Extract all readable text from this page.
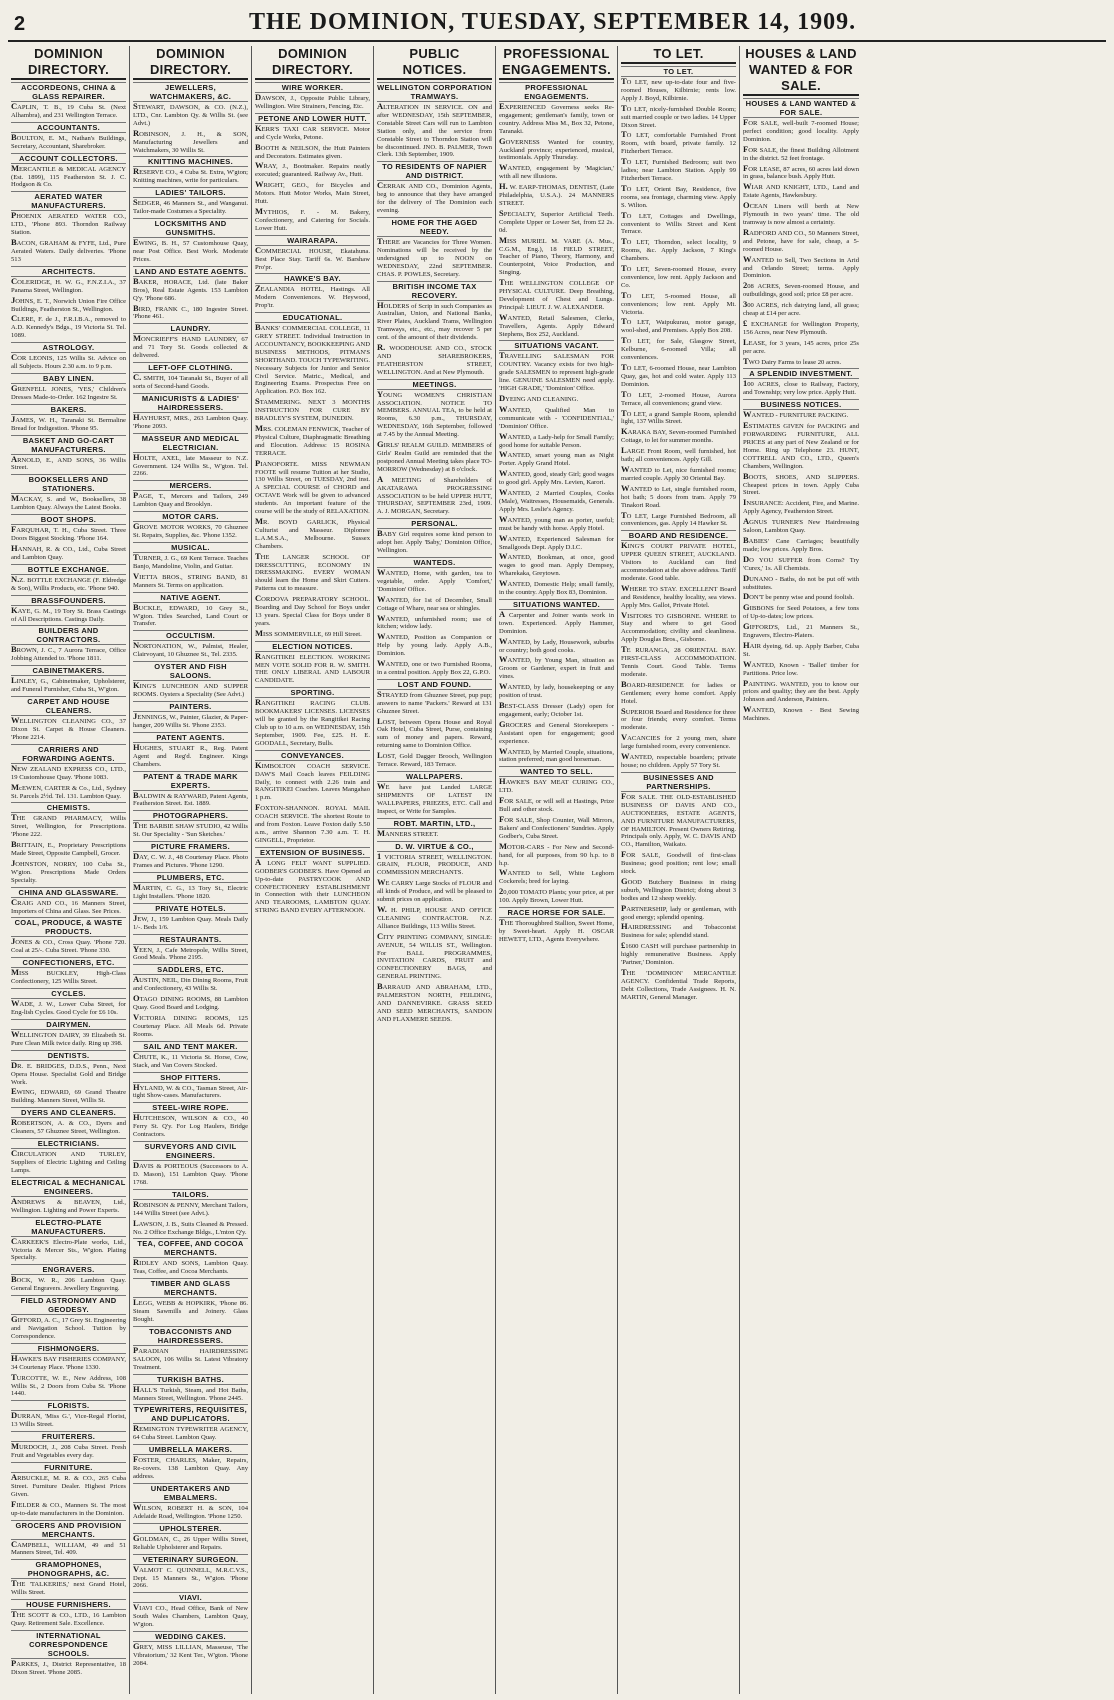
2	THE DOMINION, TUESDAY, SEPTEMBER 14, 1909.
DOMINION DIRECTORY.
ACCORDEONS, CHINA & GLASS REPAIRER.

CAPLIN, T. B., 19 Cuba St. (Next Alhambra), and 231 Wellington Terrace.

ACCOUNTANTS.

BOULTON, E. M., Nathan's Buildings, Secretary, Accountant, Sharebroker.

ACCOUNT COLLECTORS.

MERCANTILE & MEDICAL AGENCY (Est. 1899), 115 Featherston St. J. C. Hodgson & Co.

AERATED WATER MANUFACTURERS.

PHOENIX AERATED WATER CO., LTD., 'Phone 893. Thorndon Railway Station.

BACON, GRAHAM & FYFE, Ltd., Pure Aerated Waters. Daily deliveries. 'Phone 513

ARCHITECTS.

COLERIDGE, H. W. G., F.N.Z.I.A., 37 Panama Street, Wellington.

JOHNS, E. T., Norwich Union Fire Office Buildings, Featherston St., Wellington.

CLERE, F. de J., F.R.I.B.A., removed to A.D. Kennedy's Bdgs., 19 Victoria St. Tel. 1089.

ASTROLOGY.

COR LEONIS, 125 Willis St. Advice on all Subjects. Hours 2.30 a.m. to 9 p.m.

BABY LINEN.

GRENFELL JONES, 'YES,' Children's Dresses Made-to-Order. 162 Ingestre St.

BAKERS.

JAMES, W. H., Taranaki St. Bermaline Bread for Indigestion. 'Phone 95.

BASKET AND GO-CART MANUFACTURERS.

ARNOLD, E., AND SONS, 36 Willis Street.

BOOKSELLERS AND STATIONERS.

MACKAY, S. and W., Booksellers, 38 Lambton Quay. Always the Latest Books.

BOOT SHOPS.

FARQUHAR, T. H., Cuba Street. Three Doors Biggest Stocking. 'Phone 164.

HANNAH, R. & CO., Ltd., Cuba Street and Lambton Quay.

BOTTLE EXCHANGE.

N.Z. BOTTLE EXCHANGE (F. Eldredge & Son), Willis Products, etc. 'Phone 940.

BRASSFOUNDERS.

KAYE, G. M., 19 Tory St. Brass Castings of All Descriptions. Castings Daily.

BUILDERS AND CONTRACTORS.

BROWN, J. C., 7 Aurora Terrace, Office Jobbing Attended to. 'Phone 1811.

CABINETMAKERS.

LINLEY, G., Cabinetmaker, Upholsterer, and Funeral Furnisher, Cuba St., W'gton.

CARPET AND HOUSE CLEANERS.

WELLINGTON CLEANING CO., 37 Dixon St. Carpet & House Cleaners. 'Phone 2214.

CARRIERS AND FORWARDING AGENTS.

NEW ZEALAND EXPRESS CO., LTD., 19 Customhouse Quay. 'Phone 1083.

McEWEN, CARTER & Co., Ltd., Sydney St. Parcels 2½d. Tel. 131. Lambton Quay.

CHEMISTS.

THE GRAND PHARMACY, Willis Street, Wellington, for Prescriptions. 'Phone 222.

BRITTAIN, E., Proprietary Prescriptions Made Street, Opposite Campbell, Grocer.

JOHNSTON, NORRY, 100 Cuba St., W'gton. Prescriptions Made Orders Specialty.

CHINA AND GLASSWARE.

CRAIG AND CO., 16 Manners Street, Importers of China and Glass. See Prices.

COAL, PRODUCE, & WASTE PRODUCTS.

JONES & CO., Cross Quay. 'Phone 720. Coal at 25/-. Cuba Street. 'Phone 330.

CONFECTIONERS, ETC.

MISS BUCKLEY, High-Class Confectionery, 125 Willis Street.

CYCLES.

WADE, J. W., Lower Cuba Street, for Eng-lish Cycles. Good Cycle for £6 10s.

DAIRYMEN.

WELLINGTON DAIRY, 39 Elizabeth St. Pure Clean Milk twice daily. Ring up 398.

DENTISTS.

DR. E. BRIDGES, D.D.S., Penn., Next Opera House. Specialist Gold and Bridge Work.

EWING, EDWARD, 69 Grand Theatre Building. Manners Street, Willis St.

DYERS AND CLEANERS.

ROBERTSON, A. & CO., Dyers and Cleaners, 57 Ghuznee Street, Wellington.

ELECTRICIANS.

CIRCULATION AND TURLEY, Suppliers of Electric Lighting and Ceiling Lamps.

ELECTRICAL & MECHANICAL ENGINEERS.

ANDREWS & BEAVEN, Ltd., Wellington. Lighting and Power Experts.

ELECTRO-PLATE MANUFACTURERS.

CARKEEK'S Electro-Plate works, Ltd., Victoria & Mercer Sts., W'gton. Plating Specialty.

ENGRAVERS.

BOCK, W. R., 206 Lambton Quay. General Engravers. Jewellery Engraving.

FIELD ASTRONOMY AND GEODESY.

GIFFORD, A. C., 17 Grey St. Engineering and Navigation School. Tuition by Correspondence.

FISHMONGERS.

HAWKE'S BAY FISHERIES COMPANY, 34 Courtenay Place. 'Phone 1330.

TURCOTTE, W. E., New Address, 108 Willis St., 2 Doors from Cuba St. 'Phone 1440.

FLORISTS.

DURRAN, 'Miss G.', Vice-Regal Florist, 13 Willis Street.

FRUITERERS.

MURDOCH, J., 208 Cuba Street. Fresh Fruit and Vegetables every day.

FURNITURE.

ARBUCKLE, M. R. & CO., 265 Cuba Street. Furniture Dealer. Highest Prices Given.

FIELDER & CO., Manners St. The most up-to-date manufacturers in the Dominion.

GROCERS AND PROVISION MERCHANTS.

CAMPBELL, WILLIAM, 49 and 51 Manners Street, Tel. 409.

GRAMOPHONES, PHONOGRAPHS, &C.

THE 'TALKERIES,' next Grand Hotel, Willis Street.

HOUSE FURNISHERS.

THE SCOTT & CO., LTD., 16 Lambton Quay. Retirement Sale. Excellence.

INTERNATIONAL CORRESPONDENCE SCHOOLS.

PARKES, J., District Representative, 18 Dixon Street. 'Phone 2085.

DOMINION DIRECTORY.
JEWELLERS, WATCHMAKERS, &C.

STEWART, DAWSON, & CO. (N.Z.), LTD., Cnr. Lambton Qy. & Willis St. (see Advt.)

ROBINSON, J. H., & SON, Manufacturing Jewellers and Watchmakers, 30 Willis St.

KNITTING MACHINES.

RESERVE CO., 4 Cuba St. Extra, W'gton; Knitting machines, write for particulars.

LADIES' TAILORS.

SEDGER, 46 Manners St., and Wanganui. Tailor-made Costumes a Speciality.

LOCKSMITHS AND GUNSMITHS.

EWING, B. H., 57 Customhouse Quay, near Post Office. Best Work. Moderate Prices.

LAND AND ESTATE AGENTS.

BAKER, HORACE, Ltd. (late Baker Bros), Real Estate Agents. 153 Lambton Q'y. 'Phone 686.

BIRD, FRANK C., 180 Ingestre Street. 'Phone 461.

LAUNDRY.

MONCRIEFF'S HAND LAUNDRY, 67 and 71 Tory St. Goods collected & delivered.

LEFT-OFF CLOTHING.

C. SMITH, 104 Taranaki St., Buyer of all sorts of Second-hand Goods.

MANICURISTS & LADIES' HAIRDRESSERS.

HAYHURST, MRS., 263 Lambton Quay. 'Phone 2093.

MASSEUR AND MEDICAL ELECTRICIAN.

HOLTE, AXEL, late Masseur to N.Z. Government. 124 Willis St., W'gton. Tel. 2266.

MERCERS.

PAGE, T., Mercers and Tailors, 249 Lambton Quay and Brooklyn.

MOTOR CARS.

GROVE MOTOR WORKS, 70 Ghuznee St. Repairs, Supplies, &c. 'Phone 1352.

MUSICAL.

TURNER, J. G., 69 Kent Terrace. Teaches Banjo, Mandoline, Violin, and Guitar.

VIETTA BROS., STRING BAND, 81 Manners St. Terms on application.

NATIVE AGENT.

BUCKLE, EDWARD, 10 Grey St., W'gton. Titles Searched, Land Court or Transfer.

OCCULTISM.

NORTONATION, W., Palmist, Healer, Clairvoyant, 10 Ghuznee St., Tel. 2335.

OYSTER AND FISH SALOONS.

KING'S LUNCHEON AND SUPPER ROOMS. Oysters a Speciality (See Advt.)

PAINTERS.

JENNINGS, W., Painter, Glazier, & Paper-hanger, 209 Willis St. 'Phone 2353.

PATENT AGENTS.

HUGHES, STUART R., Reg. Patent Agent and Reg'd. Engineer. Kings Chambers.

PATENT & TRADE MARK EXPERTS.

BALDWIN & RAYWARD, Patent Agents, Featherston Street. Est. 1889.

PHOTOGRAPHERS.

THE BARBIE SHAW STUDIO, 42 Willis St. Our Speciality - 'Sun Sketches.'

PICTURE FRAMERS.

DAY, C. W. J., 48 Courtenay Place. Photo Frames and Pictures. 'Phone 1290.

PLUMBERS, ETC.

MARTIN, C. G., 13 Tory St., Electric Light Installers. 'Phone 1820.

PRIVATE HOTELS.

JEW, J., 159 Lambton Quay. Meals Daily 1/-. Beds 1/6.

RESTAURANTS.

YEEN, J., Cafe Metropole, Willis Street, Good Meals. 'Phone 2195.

SADDLERS, ETC.

AUSTIN, NEIL, Din Dining Rooms, Fruit and Confectionery, 43 Willis St.

OTAGO DINING ROOMS, 88 Lambton Quay. Good Board and Lodging.

VICTORIA DINING ROOMS, 125 Courtenay Place. All Meals 6d. Private Rooms.

SAIL AND TENT MAKER.

CHUTE, K., 11 Victoria St. Horse, Cow, Stack, and Van Covers Stocked.

SHOP FITTERS.

HYLAND, W. & CO., Tasman Street, Air-tight Show-cases. Manufacturers.

STEEL-WIRE ROPE.

HUTCHESON, WILSON & CO., 40 Ferry St. Q'y. For Log Haulers, Bridge Contractors.

SURVEYORS AND CIVIL ENGINEERS.

DAVIS & PORTEOUS (Successors to A. D. Mason), 151 Lambton Quay. 'Phone 1768.

TAILORS.

ROBINSON & PENNY, Merchant Tailors, 144 Willis Street (see Advt.).

LAWSON, J. B., Suits Cleaned & Pressed. No. 2 Office Exchange Bldgs., L'mton Q'y.

TEA, COFFEE, AND COCOA MERCHANTS.

RIDLEY AND SONS, Lambton Quay. Teas, Coffee, and Cocoa Merchants.

TIMBER AND GLASS MERCHANTS.

LEGG, WEBB & HOPKIRK, 'Phone 86. Steam Sawmills and Joinery. Glass Bought.

TOBACCONISTS AND HAIRDRESSERS.

PARADIAN HAIRDRESSING SALOON, 106 Willis St. Latest Vibratory Treatment.

TURKISH BATHS.

HALL'S Turkish, Steam, and Hot Baths, Manners Street, Wellington. 'Phone 2445.

TYPEWRITERS, REQUISITES, AND DUPLICATORS.

REMINGTON TYPEWRITER AGENCY, 64 Cuba Street. Lambton Quay.

UMBRELLA MAKERS.

FOSTER, CHARLES, Maker, Repairs, Re-covers. 138 Lambton Quay. Any address.

UNDERTAKERS AND EMBALMERS.

WILSON, ROBERT H. & SON, 104 Adelaide Road, Wellington. 'Phone 1250.

UPHOLSTERER.

GOLDMAN, C., 26 Upper Willis Street, Reliable Upholsterer and Repairs.

VETERINARY SURGEON.

VALMOT C. QUINNELL, M.R.C.V.S., Dept. 15 Manners St., W'gton. 'Phone 2066.

VIAVI.

VIAVI CO., Head Office, Bank of New South Wales Chambers, Lambton Quay, W'gton.

WEDDING CAKES.

GREY, MISS LILLIAN, Masseuse, 'The Vibratorium,' 32 Kent Ter., W'gton. 'Phone 2084.

DOMINION DIRECTORY.
WIRE WORKER.

DAWSON, J., Opposite Public Library, Wellington. Wire Strainers, Fencing, Etc.

PETONE AND LOWER HUTT.

KERR'S TAXI CAR SERVICE. Motor and Cycle Works, Petone.

BOOTH & NEILSON, the Hutt Painters and Decorators. Estimates given.

WRAY, J., Bootmaker. Repairs neatly executed; guaranteed. Railway Av., Hutt.

WRIGHT, GEO., for Bicycles and Motors. Hutt Motor Works, Main Street, Hutt.

MYTHIOS, F. - M. Bakery, Confectionery, and Catering for Socials. Lower Hutt.

WAIRARAPA.

COMMERCIAL HOUSE, Ekatahuna. Best Place Stay. Tariff 6s. W. Barshaw Pro'pr.

HAWKE'S BAY.

ZEALANDIA HOTEL, Hastings. All Modern Conveniences. W. Heywood, Prop'tr.

EDUCATIONAL.

BANKS' COMMERCIAL COLLEGE, 11 GREY STREET. Individual Instruction in ACCOUNTANCY, BOOKKEEPING AND BUSINESS METHODS, PITMAN'S SHORTHAND. TOUCH TYPEWRITING. Necessary Subjects for Junior and Senior Civil Service. Matric., Medical, and Engineering Exams. Prospectus Free on Application. P.O. Box 162.

STAMMERING. NEXT 3 MONTHS INSTRUCTION FOR CURE BY BRADLEY'S SYSTEM, DUNEDIN.

MRS. COLEMAN FENWICK, Teacher of Physical Culture, Diaphragmatic Breathing and Elocution. Address: 15 ROSINA TERRACE.

PIANOFORTE. MISS NEWMAN FOOTE will resume Tuition at her Studio, 130 Willis Street, on TUESDAY, 2nd inst. A SPECIAL COURSE of CHORD and OCTAVE Work will be given to advanced students. An important feature of the course will be the study of RELAXATION.

MR. BOYD GARLICK, Physical Culturist and Masseur. Diplomee L.A.M.S.A., Melbourne. Sussex Chambers.

THE LANGER SCHOOL OF DRESSCUTTING, ECONOMY IN DRESSMAKING. EVERY WOMAN should learn the Home and Skirt Cutters. Patterns cut to measure.

CORDOVA PREPARATORY SCHOOL. Boarding and Day School for Boys under 13 years. Special Class for Boys under 8 years.

MISS SOMMERVILLE, 69 Hill Street.

ELECTION NOTICES.

RANGITIKEI ELECTION. WORKING MEN VOTE SOLID FOR R. W. SMITH. THE ONLY LIBERAL AND LABOUR CANDIDATE.

SPORTING.

RANGITIKEI RACING CLUB. BOOKMAKERS' LICENSES. LICENSES will be granted by the Rangitikei Racing Club up to 10 a.m. on WEDNESDAY, 15th September, 1909. Fee, £25. H. E. GOODALL, Secretary, Bulls.

CONVEYANCES.

KIMBOLTON COACH SERVICE. DAW'S Mail Coach leaves FEILDING Daily, to connect with 2.26 train and RANGITIKEI Coaches. Leaves Mangahao 1 p.m.

FOXTON-SHANNON. ROYAL MAIL COACH SERVICE. The shortest Route to and from Foxton. Leave Foxton daily 5.50 a.m., arrive Shannon 7.30 a.m. T. H. GINGELL, Proprietor.

EXTENSION OF BUSINESS.

A LONG FELT WANT SUPPLIED. GODBER'S GODBER'S. Have Opened an Up-to-date PASTRYCOOK AND CONFECTIONERY ESTABLISHMENT in Connection with their LUNCHEON AND TEAROOMS, LAMBTON QUAY. STRING BAND EVERY AFTERNOON.

PUBLIC NOTICES.
WELLINGTON CORPORATION TRAMWAYS.

ALTERATION IN SERVICE. ON and after WEDNESDAY, 15th SEPTEMBER, Constable Street Cars will run to Lambton Station only, and the service from Constable Street to Thorndon Station will be discontinued. JNO. B. PALMER, Town Clerk. 13th September, 1909.

TO RESIDENTS OF NAPIER AND DISTRICT.

CERRAK AND CO., Dominion Agents, beg to announce that they have arranged for the delivery of The Dominion each evening.

HOME FOR THE AGED NEEDY.

THERE are Vacancies for Three Women. Nominations will be received by the undersigned up to NOON on WEDNESDAY, 22nd SEPTEMBER. CHAS. P. POWLES, Secretary.

BRITISH INCOME TAX RECOVERY.

HOLDERS of Scrip in such Companies as Australian, Union, and National Banks, River Plates, Auckland Trams, Wellington Tramways, etc., etc., may recover 5 per cent. of the amount of their dividends.

R. WOODHOUSE AND CO., STOCK AND SHAREBROKERS, FEATHERSTON STREET, WELLINGTON. And at New Plymouth.

MEETINGS.

YOUNG WOMEN'S CHRISTIAN ASSOCIATION. NOTICE TO MEMBERS. ANNUAL TEA, to be held at Rooms, 6.30 p.m., THURSDAY, WEDNESDAY, 16th September, followed at 7.45 by the Annual Meeting.

GIRLS' REALM GUILD. MEMBERS of Girls' Realm Guild are reminded that the postponed Annual Meeting takes place TO-MORROW (Wednesday) at 8 o'clock.

A MEETING of Shareholders of AKATARAWA PROGRESSING ASSOCIATION to be held UPPER HUTT, THURSDAY, SEPTEMBER 23rd, 1909. A. J. MORGAN, Secretary.

PERSONAL.

BABY Girl requires some kind person to adopt her. Apply 'Baby,' Dominion Office, Wellington.

WANTEDS.

WANTED, Home, with garden, tea to vegetable, order. Apply 'Comfort,' 'Dominion' Office.

WANTED, for 1st of December, Small Cottage of Whare, near sea or shingles.

WANTED, unfurnished room; use of kitchen; widow lady.

WANTED, Position as Companion or Help by young lady. Apply A.B., Dominion.

WANTED, one or two Furnished Rooms, in a central position. Apply Box 22, G.P.O.

LOST AND FOUND.

STRAYED from Ghuznee Street, pup pup; answers to name 'Packers.' Reward at 131 Ghuznee Street.

LOST, between Opera House and Royal Oak Hotel, Cuba Street, Purse, containing sum of money and papers. Reward, returning same to Dominion Office.

LOST, Gold Dagger Brooch, Wellington Terrace. Reward, 183 Terrace.

WALLPAPERS.

WE have just Landed LARGE SHIPMENTS OF LATEST IN WALLPAPERS, FRIEZES, ETC. Call and Inspect, or Write for Samples.

ROBT. MARTIN, LTD.,

MANNERS STREET.

D. W. VIRTUE & CO.,

1 VICTORIA STREET, WELLINGTON. GRAIN, FLOUR, PRODUCE, AND COMMISSION MERCHANTS.

WE CARRY Large Stocks of FLOUR and all kinds of Produce, and will be pleased to submit prices on application.

W. H. PHILP, HOUSE AND OFFICE CLEANING CONTRACTOR. N.Z. Alliance Buildings, 113 Willis Street.

CITY PRINTING COMPANY, SINGLE: AVENUE, 54 WILLIS ST., Wellington. For BALL PROGRAMMES, INVITATION CARDS, FRUIT and CONFECTIONERY BAGS, and GENERAL PRINTING.

BARRAUD AND ABRAHAM, LTD., PALMERSTON NORTH, FEILDING, AND DANNEVIRKE. GRASS SEED AND SEED MERCHANTS, SANDON AND FLAXMERE SEEDS.

PROFESSIONAL ENGAGEMENTS.
PROFESSIONAL ENGAGEMENTS.

EXPERIENCED Governess seeks Re-engagement; gentleman's family, town or country. Address Miss M., Box 32, Petone, Taranaki.

GOVERNESS Wanted for country, Auckland province; experienced, musical, testimonials. Apply Thursday.

WANTED, engagement by 'Magician,' with all new illusions.

H. W. EARP-THOMAS, DENTIST, (Late Philadelphia, U.S.A.). 24 MANNERS STREET.

SPECIALTY, Superior Artificial Teeth. Complete Upper or Lower Set, from £2 2s. 0d.

MISS MURIEL M. VARE (A. Mus., C.G.M., Eng.), 18 FIELD STREET, Teacher of Piano, Theory, Harmony, and Counterpoint, Voice Production, and Singing.

THE WELLINGTON COLLEGE OF PHYSICAL CULTURE. Deep Breathing, Development of Chest and Lungs. Principal: LIEUT. J. W. ALEXANDER.

WANTED, Retail Salesmen, Clerks, Travellers, Agents. Apply Edward Stephens, Box 252, Auckland.

SITUATIONS VACANT.

TRAVELLING SALESMAN FOR COUNTRY. Vacancy exists for two high-grade SALESMEN to represent high-grade line. GENUINE SALESMEN need apply. 'HIGH GRADE,' 'Dominion' Office.

DYEING AND CLEANING.

WANTED, Qualified Man to communicate with - 'CONFIDENTIAL,' 'Dominion' Office.

WANTED, a Lady-help for Small Family; good home for suitable Person.

WANTED, smart young man as Night Porter. Apply Grand Hotel.

WANTED, good, steady Girl; good wages to good girl. Apply Mrs. Levien, Karori.

WANTED, 2 Married Couples, Cooks (Male), Waitresses, Housemaids, Generals. Apply Mrs. Leslie's Agency.

WANTED, young man as porter, useful; must be handy with horse. Apply Hotel.

WANTED, Experienced Salesman for Smallgoods Dept. Apply D.I.C.

WANTED, Bookman, at once, good wages to good man. Apply Dempsey, Wharekaka, Greytown.

WANTED, Domestic Help; small family, in the country. Apply Box 83, Dominion.

SITUATIONS WANTED.

A Carpenter and Joiner wants work in town. Experienced. Apply Hammer, Dominion.

WANTED, by Lady, Housework, suburbs or country; both good cooks.

WANTED, by Young Man, situation as Groom or Gardener, expert in fruit and vines.

WANTED, by lady, housekeeping or any position of trust.

BEST-CLASS Dresser (Lady) open for engagement, early; October 1st.

GROCERS and General Storekeepers - Assistant open for engagement; good experience.

WANTED, by Married Couple, situations, station preferred; man good horseman.

WANTED TO SELL.

HAWKE'S BAY MEAT CURING CO., LTD.

FOR SALE, or will sell at Hastings, Prize Bull and other stock.

FOR SALE, Shop Counter, Wall Mirrors, Bakers' and Confectioners' Sundries. Apply Godber's, Cuba Street.

MOTOR-CARS - For New and Second-hand, for all purposes, from 90 h.p. to 8 h.p.

WANTED to Sell, White Leghorn Cockerels; bred for laying.

20,000 TOMATO Plants; your price, at per 100. Apply Brown, Lower Hutt.

RACE HORSE FOR SALE.

THE Thoroughbred Stallion, Sweet Home, by Sweet-heart. Apply H. OSCAR HEWETT, LTD., Agents Everywhere.

TO LET.
TO LET.

TO LET, new up-to-date four and five-roomed Houses, Kilbirnie; rents low. Apply J. Boyd, Kilbirnie.

TO LET, nicely-furnished Double Room; suit married couple or two ladies. 14 Upper Dixon Street.

TO LET, comfortable Furnished Front Room, with board, private family. 12 Fitzherbert Terrace.

TO LET, Furnished Bedroom; suit two ladies; near Lambton Station. Apply 99 Fitzherbert Terrace.

TO LET, Orient Bay, Residence, five rooms, sea frontage, charming view. Apply S. Wilton.

TO LET, Cottages and Dwellings, convenient to Willis Street and Kent Terrace.

TO LET, Thorndon, select locality, 9 Rooms, &c. Apply Jackson, 7 King's Chambers.

TO LET, Seven-roomed House, every convenience, low rent. Apply Jackson and Co.

TO LET, 5-roomed House, all conveniences; low rent. Apply Mt. Victoria.

TO LET, Waipukurau, motor garage, wool-shed, and Premises. Apply Box 208.

TO LET, for Sale, Glasgow Street, Kelburne, 6-roomed Villa; all conveniences.

TO LET, 6-roomed House, near Lambton Quay, gas, hot and cold water. Apply 113 Dominion.

TO LET, 2-roomed House, Aurora Terrace, all conveniences; grand view.

TO LET, a grand Sample Room, splendid light, 137 Willis Street.

KARAKA BAY, Seven-roomed Furnished Cottage, to let for summer months.

LARGE Front Room, well furnished, hot bath; all conveniences. Apply Gill.

WANTED to Let, nice furnished rooms; married couple. Apply 30 Oriental Bay.

WANTED to Let, single furnished room, hot bath; 5 doors from tram. Apply 79 Tinakori Road.

TO LET, Large Furnished Bedroom, all conveniences, gas. Apply 14 Hawker St.

BOARD AND RESIDENCE.

KING'S COURT PRIVATE HOTEL, UPPER QUEEN STREET, AUCKLAND. Visitors to Auckland can find accommodation at the above address. Tariff moderate. Good table.

WHERE TO STAY. EXCELLENT Board and Residence, healthy locality, sea views. Apply Mrs. Gallot, Private Hotel.

VISITORS TO GISBORNE. WHERE to Stay and where to get Good Accommodation; civility and cleanliness. Apply Douglas Bros., Gisborne.

TE RURANGA, 28 ORIENTAL BAY. FIRST-CLASS ACCOMMODATION. Tennis Court. Good Table. Terms moderate.

BOARD-RESIDENCE for ladies or Gentlemen; every home comfort. Apply Hotel.

SUPERIOR Board and Residence for three or four friends; every comfort. Terms moderate.

VACANCIES for 2 young men, share large furnished room, every convenience.

WANTED, respectable boarders; private house; no children. Apply 57 Tory St.

BUSINESSES AND PARTNERSHIPS.

FOR SALE. THE OLD-ESTABLISHED BUSINESS OF DAVIS AND CO., AUCTIONEERS, ESTATE AGENTS, AND FURNITURE MANUFACTURERS, OF HAMILTON. Present Owners Retiring. Principals only. Apply, W. C. DAVIS AND CO., Hamilton, Waikato.

FOR SALE, Goodwill of first-class Business; good position; rent low; small stock.

GOOD Butchery Business in rising suburb, Wellington District; doing about 3 bodies and 12 sheep weekly.

PARTNERSHIP, lady or gentleman, with good energy; splendid opening.

HAIRDRESSING and Tobacconist Business for sale; splendid stand.

£1600 CASH will purchase partnership in highly remunerative Business. Apply 'Partner,' Dominion.

THE 'DOMINION' MERCANTILE AGENCY. Confidential Trade Reports, Debt Collections, Trade Assignees. H. N. MARTIN, General Manager.

HOUSES & LAND WANTED & FOR SALE.
HOUSES & LAND WANTED & FOR SALE.

FOR SALE, well-built 7-roomed House; perfect condition; good locality. Apply Dominion.

FOR SALE, the finest Building Allotment in the district. 52 feet frontage.

FOR LEASE, 87 acres, 60 acres laid down in grass, balance bush. Apply Hutt.

WIAR AND KNIGHT, LTD., Land and Estate Agents, Hawkesbury.

OCEAN Liners will berth at New Plymouth in two years' time. The old tramway is now almost a certainty.

RADFORD AND CO., 50 Manners Street, and Petone, have for sale, cheap, a 5-roomed House.

WANTED to Sell, Two Sections in Arid and Orlando Street; terms. Apply Dominion.

208 ACRES, Seven-roomed House, and outbuildings, good soil; price £8 per acre.

300 ACRES, rich dairying land, all grass; cheap at £14 per acre.

£ EXCHANGE for Wellington Property, 156 Acres, near New Plymouth.

LEASE, for 3 years, 145 acres, price 25s per acre.

TWO Dairy Farms to lease 20 acres.

A SPLENDID INVESTMENT.

100 ACRES, close to Railway, Factory, and Township; very low price. Apply Hutt.

BUSINESS NOTICES.

WANTED - FURNITURE PACKING.

ESTIMATES GIVEN for PACKING and FORWARDING FURNITURE, ALL PRICES at any part of New Zealand or for Home. Ring up Telephone 23. HUNT, COTTRELL AND CO., LTD., Queen's Chambers, Wellington.

BOOTS, SHOES, AND SLIPPERS. Cheapest prices in town. Apply Cuba Street.

INSURANCE: Accident, Fire, and Marine. Apply Agency, Featherston Street.

AGNUS TURNER'S New Hairdressing Saloon, Lambton Quay.

BABIES' Cane Carriages; beautifully made; low prices. Apply Bros.

DO YOU SUFFER from Corns? Try 'Curex,' 1s. All Chemists.

DUNANO - Baths, do not be put off with substitutes.

DON'T be penny wise and pound foolish.

GIBBONS for Seed Potatoes, a few tons of Up-to-dates; low prices.

GIFFORD'S, Ltd., 21 Manners St., Engravers, Electro-Platers.

HAIR dyeing, 6d. up. Apply Barber, Cuba St.

WANTED, Known - 'Ballet' timber for Partitions. Price low.

PAINTING. WANTED, you to know our prices and quality; they are the best. Apply Johnson and Anderson, Painters.

WANTED, Known - Best Sewing Machines.
